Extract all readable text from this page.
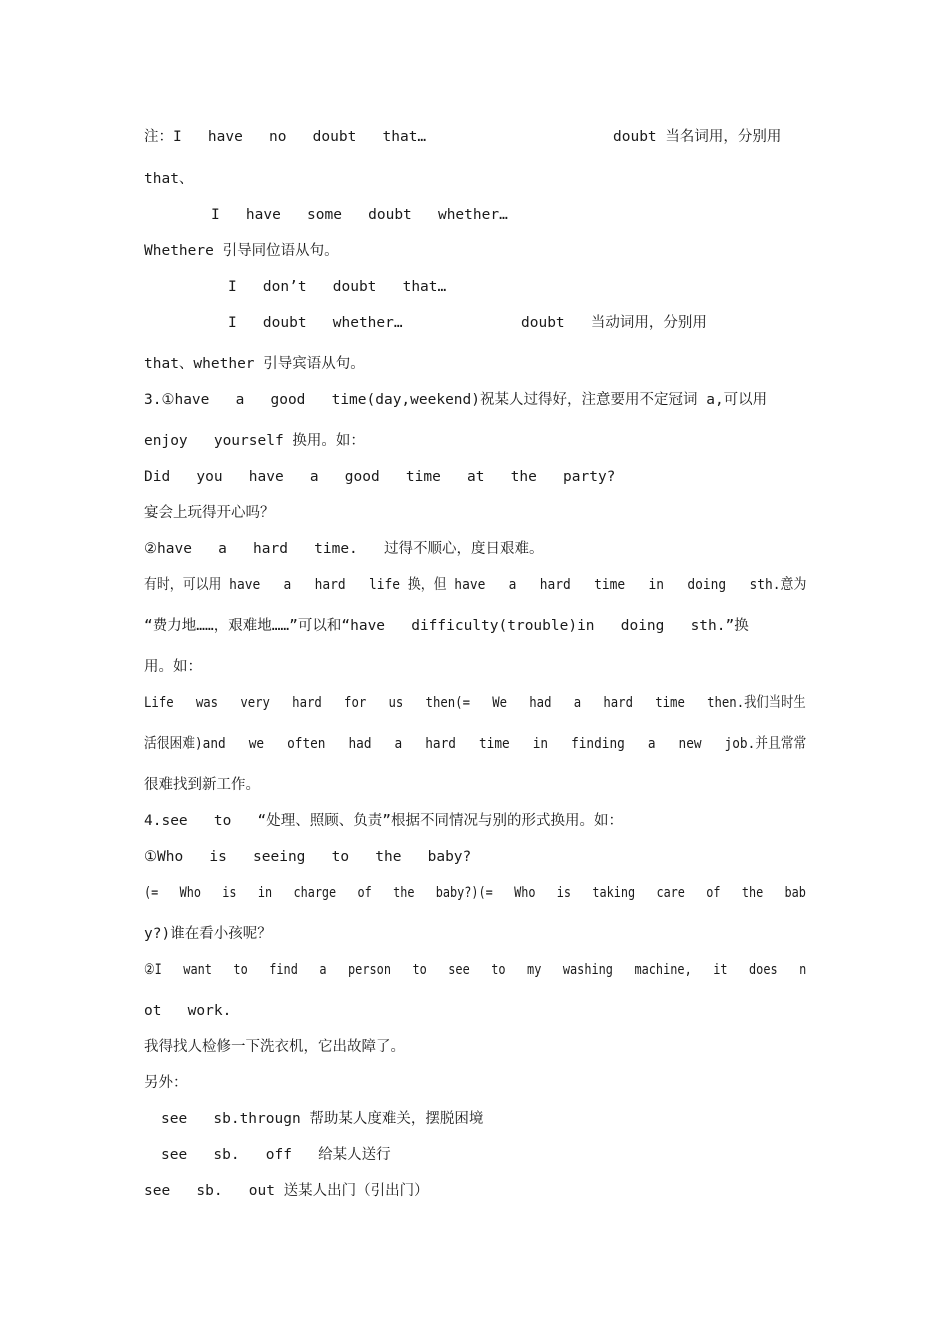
注：I   have   no   doubt   that…	doubt 当名词用，分别用
that、
I   have   some   doubt   whether…
Whethere 引导同位语从句。
I   don’t   doubt   that…
I   doubt   whether…	doubt   当动词用，分别用
that、whether 引导宾语从句。
3.①have   a   good   time(day,weekend)祝某人过得好，注意要用不定冠词 a,可以用
enjoy   yourself 换用。如：
Did   you   have   a   good   time   at   the   party?
宴会上玩得开心吗？
②have   a   hard   time.   过得不顺心，度日艰难。
有时，可以用 have   a   hard   life 换，但 have   a   hard   time   in   doing   sth.意为
“费力地……，艰难地……”可以和“have   difficulty(trouble)in   doing   sth.”换
用。如：
Life   was   very   hard   for   us   then(=   We   had   a   hard   time   then.我们当时生
活很困难)and   we   often   had   a   hard   time   in   finding   a   new   job.并且常常
很难找到新工作。
4.see   to   “处理、照顾、负责”根据不同情况与别的形式换用。如：
①Who   is   seeing   to   the   baby?
(=   Who   is   in   charge   of   the   baby?)(=   Who   is   taking   care   of   the   bab
y?)谁在看小孩呢？
②I   want   to   find   a   person   to   see   to   my   washing   machine,   it   does   n
ot   work.
我得找人检修一下洗衣机，它出故障了。
另外：
see   sb.througn 帮助某人度难关，摆脱困境
see   sb.   off   给某人送行
see   sb.   out 送某人出门（引出门）
